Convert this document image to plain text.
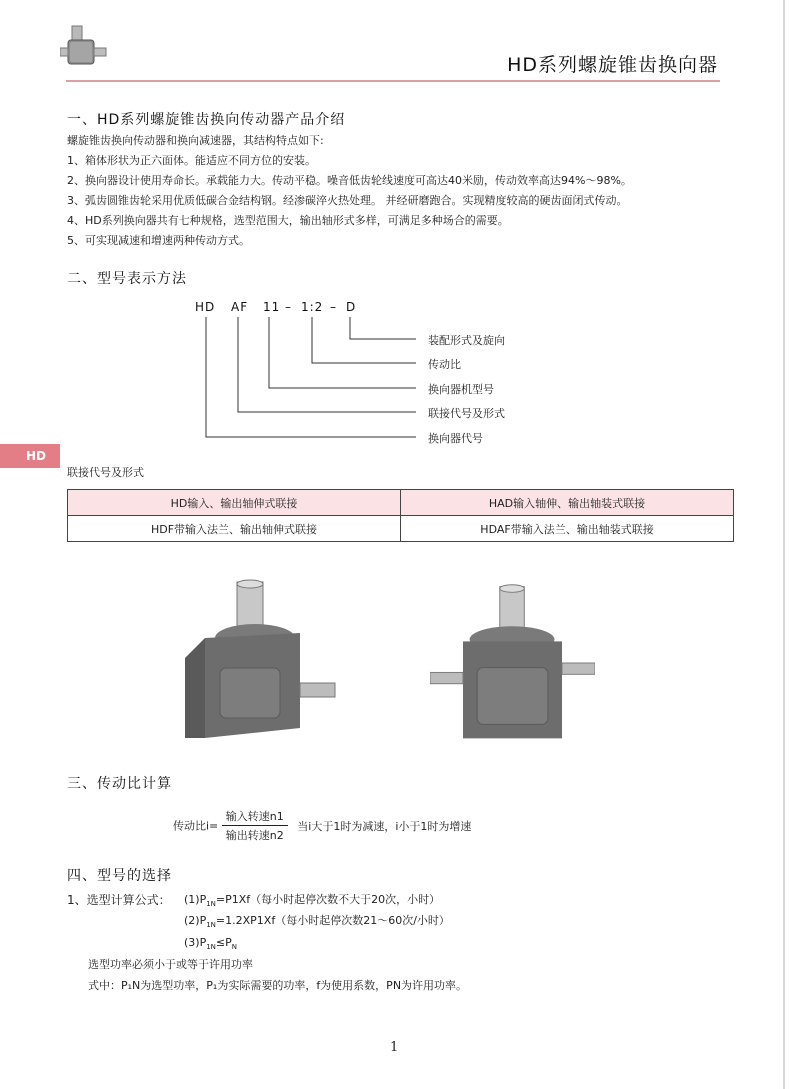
HD系列螺旋锥齿换向器
一、HD系列螺旋锥齿换向传动器产品介绍
螺旋锥齿换向传动器和换向减速器，其结构特点如下:
1、箱体形状为正六面体。能适应不同方位的安装。
2、换向器设计使用寿命长。承载能力大。传动平稳。噪音低齿轮线速度可高达40米励，传动效率高达94%～98%。
3、弧齿圆锥齿轮采用优质低碳合金结构钢。经渗碳淬火热处理。 并经研磨跑合。实现精度较高的硬齿面闭式传动。
4、HD系列换向器共有七种规格，选型范围大，输出轴形式多样，可满足多种场合的需要。
5、可实现减速和增速两种传动方式。
二、型号表示方法
HD AF 11 – 1:2 – D
装配形式及旋向
传动比
换向器机型号
联接代号及形式
换向器代号
HD
联接代号及形式
HD输入、输出轴伸式联接	HAD输入轴伸、输出轴装式联接
HDF带输入法兰、输出轴伸式联接	HDAF带输入法兰、输出轴装式联接
三、传动比计算
传动比$i= \frac{\text{输入转速n1}}{\text{输出转速n2}}$ 当i大于1时为减速，i小于1时为增速
四、型号的选择
1、选型计算公式： $(1)P_{1N}=P1Xf$（每小时起停次数不大于20次，小时）
$(2)P_{1N}=1.2XP1Xf$（每小时起停次数21～60次/小时）
$(3)P_{1N}\le P_N$
选型功率必须小于或等于许用功率
式中：P₁N为选型功率，P₁为实际需要的功率，f为使用系数，PN为许用功率。
1
